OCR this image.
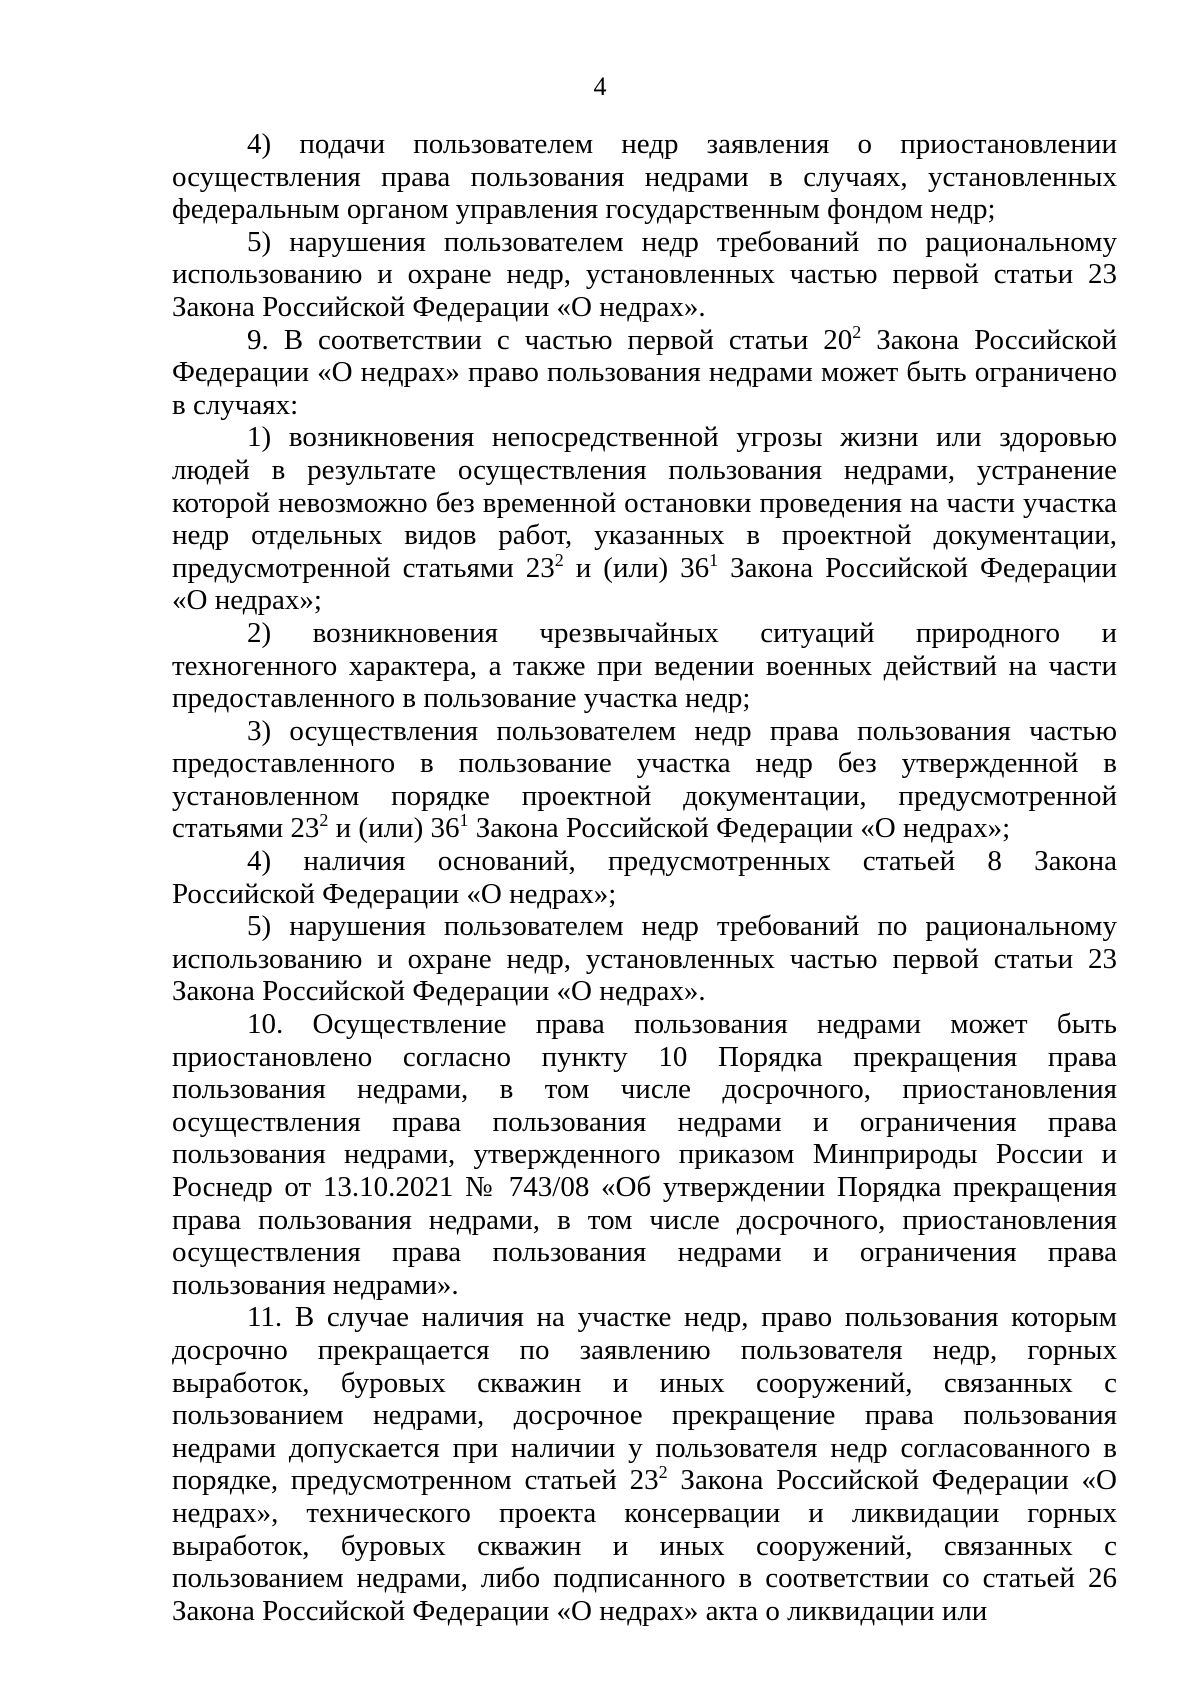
4

4) подачи пользователем недр заявления о приостановлении осуществления права пользования недрами в случаях, установленных федеральным органом управления государственным фондом недр;

5) нарушения пользователем недр требований по рациональному использованию и охране недр, установленных частью первой статьи 23 Закона Российской Федерации «О недрах».

9. В соответствии с частью первой статьи $20^2$ Закона Российской Федерации «О недрах» право пользования недрами может быть ограничено в случаях:

1) возникновения непосредственной угрозы жизни или здоровью людей в результате осуществления пользования недрами, устранение которой невозможно без временной остановки проведения на части участка недр отдельных видов работ, указанных в проектной документации, предусмотренной статьями $23^2$ и (или) $36^1$ Закона Российской Федерации «О недрах»;

2) возникновения чрезвычайных ситуаций природного и техногенного характера, а также при ведении военных действий на части предоставленного в пользование участка недр;

3) осуществления пользователем недр права пользования частью предоставленного в пользование участка недр без утвержденной в установленном порядке проектной документации, предусмотренной статьями $23^2$ и (или) $36^1$ Закона Российской Федерации «О недрах»;

4) наличия оснований, предусмотренных статьей 8 Закона Российской Федерации «О недрах»;

5) нарушения пользователем недр требований по рациональному использованию и охране недр, установленных частью первой статьи 23 Закона Российской Федерации «О недрах».

10. Осуществление права пользования недрами может быть приостановлено согласно пункту 10 Порядка прекращения права пользования недрами, в том числе досрочного, приостановления осуществления права пользования недрами и ограничения права пользования недрами, утвержденного приказом Минприроды России и Роснедр от 13.10.2021 № 743/08 «Об утверждении Порядка прекращения права пользования недрами, в том числе досрочного, приостановления осуществления права пользования недрами и ограничения права пользования недрами».

11. В случае наличия на участке недр, право пользования которым досрочно прекращается по заявлению пользователя недр, горных выработок, буровых скважин и иных сооружений, связанных с пользованием недрами, досрочное прекращение права пользования недрами допускается при наличии у пользователя недр согласованного в порядке, предусмотренном статьей $23^2$ Закона Российской Федерации «О недрах», технического проекта консервации и ликвидации горных выработок, буровых скважин и иных сооружений, связанных с пользованием недрами, либо подписанного в соответствии со статьей 26 Закона Российской Федерации «О недрах» акта о ликвидации или
